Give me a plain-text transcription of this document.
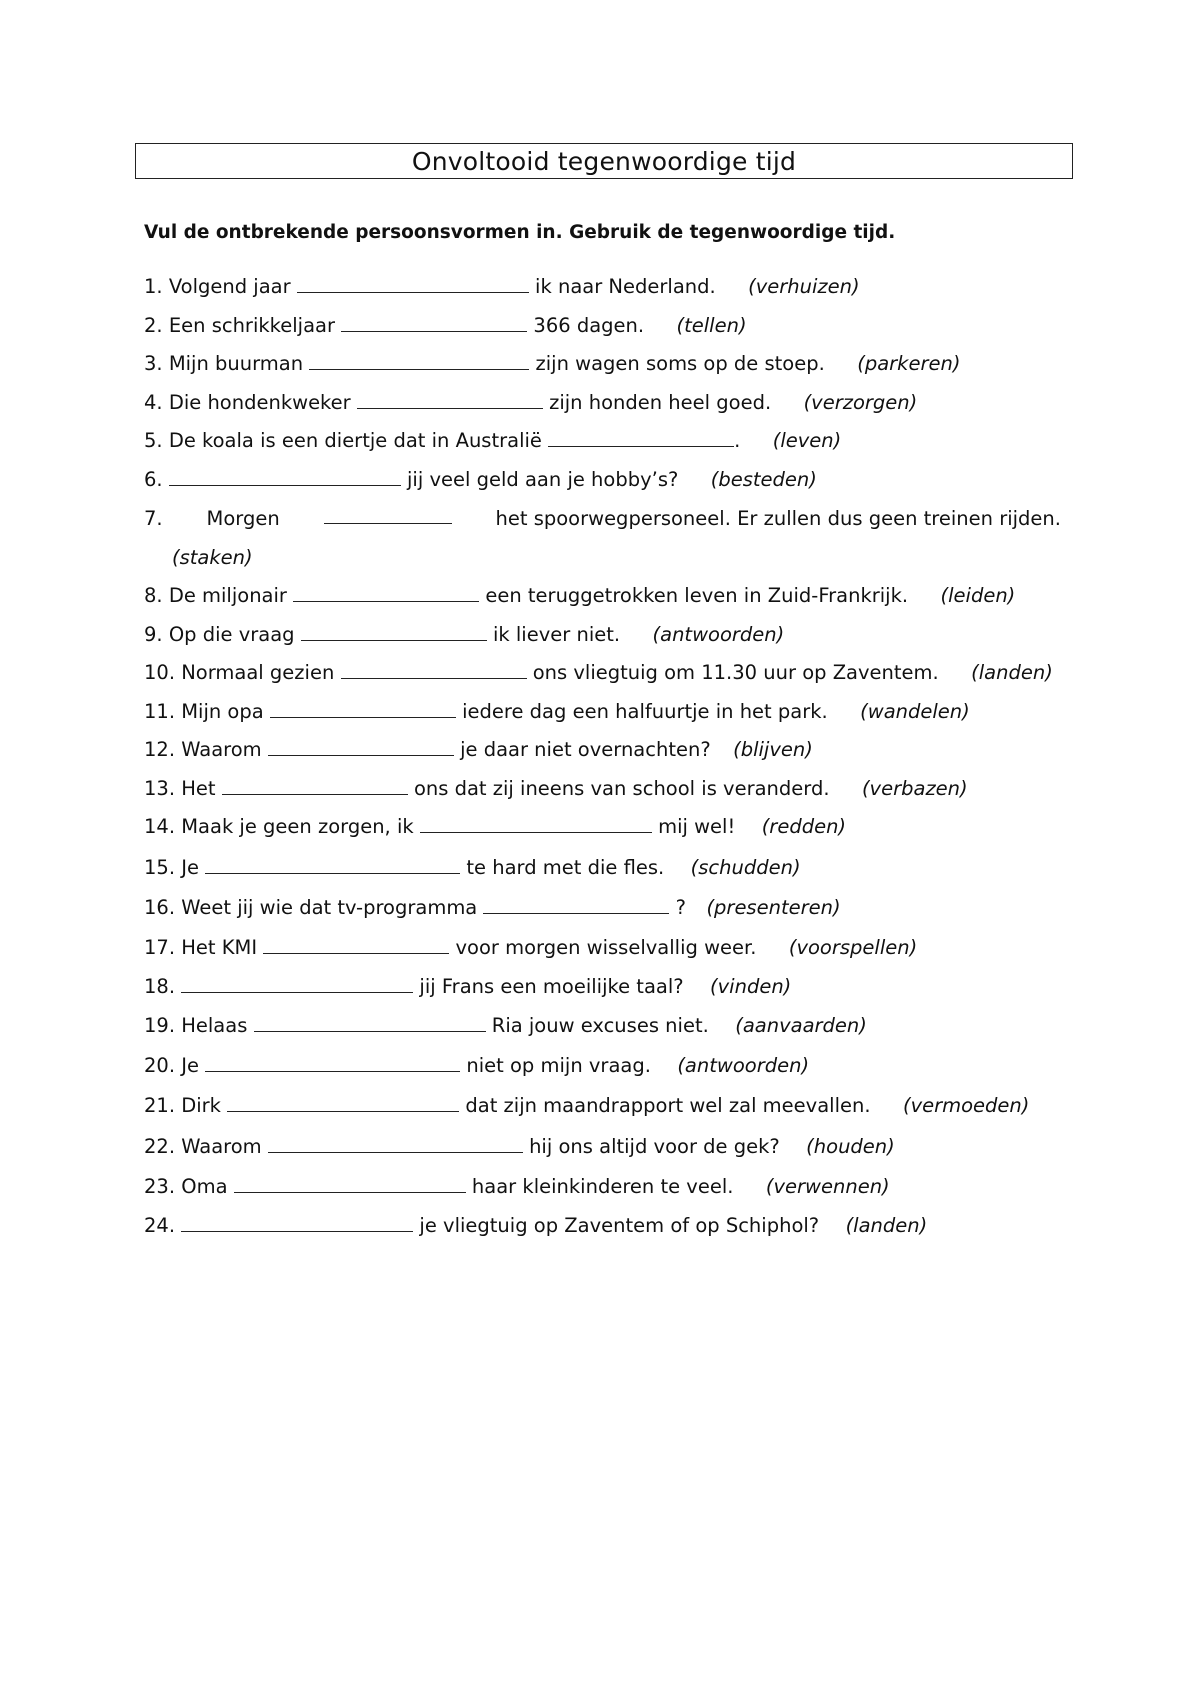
Onvoltooid tegenwoordige tijd
Vul de ontbrekende persoonsvormen in. Gebruik de tegenwoordige tijd.
1. Volgend jaar	ik naar Nederland. (verhuizen)
2. Een schrikkeljaar	366 dagen. (tellen)
3. Mijn buurman	zijn wagen soms op de stoep. (parkeren)
4. Die hondenkweker	zijn honden heel goed. (verzorgen)
5. De koala is een diertje dat in Australië	. (leven)
6.	jij veel geld aan je hobby’s? (besteden)
7. Morgen	het spoorwegpersoneel. Er zullen dus geen treinen rijden.
(staken)
8. De miljonair	een teruggetrokken leven in Zuid-Frankrijk. (leiden)
9. Op die vraag	ik liever niet. (antwoorden)
10. Normaal gezien	ons vliegtuig om 11.30 uur op Zaventem. (landen)
11. Mijn opa	iedere dag een halfuurtje in het park. (wandelen)
12. Waarom	je daar niet overnachten? (blijven)
13. Het	ons dat zij ineens van school is veranderd. (verbazen)
14. Maak je geen zorgen, ik	mij wel! (redden)
15. Je	te hard met die fles. (schudden)
16. Weet jij wie dat tv-programma	? (presenteren)
17. Het KMI	voor morgen wisselvallig weer. (voorspellen)
18.	jij Frans een moeilijke taal? (vinden)
19. Helaas	Ria jouw excuses niet. (aanvaarden)
20. Je	niet op mijn vraag. (antwoorden)
21. Dirk	dat zijn maandrapport wel zal meevallen. (vermoeden)
22. Waarom	hij ons altijd voor de gek? (houden)
23. Oma	haar kleinkinderen te veel. (verwennen)
24.	je vliegtuig op Zaventem of op Schiphol? (landen)
